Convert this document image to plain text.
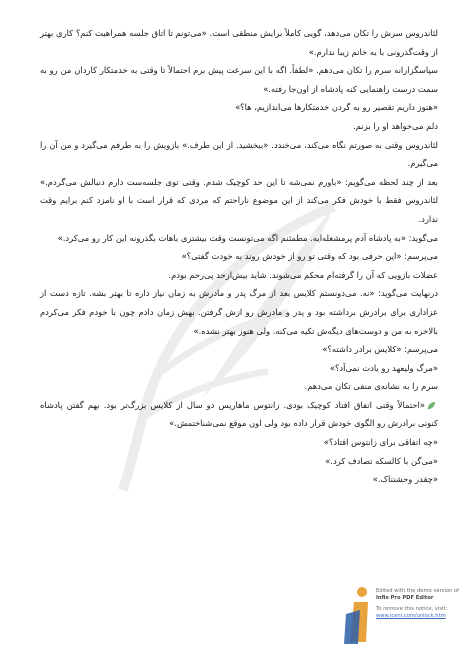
لئاندروس سرش را تکان می‌دهد، گویی کاملاً برایش منطقی است. «می‌تونم تا اتاق جلسه همراهیت کنم؟ کاری بهتر از وقت‌گذرونی با یه خانم زیبا ندارم.»

سپاسگزارانه سرم را تکان می‌دهم. «لطفاً. اگه با این سرعت پیش برم احتمالاً تا وقتی به خدمتکار کاردان من رو به سمت درست راهنمایی کنه پادشاه از اون‌جا رفته.»

«هنوز داریم تقصیر رو به گردن خدمتکارها می‌اندازیم، ها؟»

دلم می‌خواهد او را بزنم.

لئاندروس وقتی به صورتم نگاه می‌کند، می‌خندد. «ببخشید. از این طرف.» بازویش را به طرفم می‌گیرد و من آن را می‌گیرم.

بعد از چند لحظه می‌گویم: «باورم نمی‌شه تا این حد کوچیک شدم. وقتی توی جلسه‌ست دارم دنبالش می‌گردم.» لئاندروس فقط با خودش فکر می‌کند از این موضوع ناراحتم که مردی که قرار است با او نامزد کنم برایم وقت ندارد.

می‌گوید: «به پادشاه آدم پرمشغله‌ایه. مطمئنم اگه می‌تونست وقت بیشتری باهات بگذرونه این کار رو می‌کرد.»

می‌پرسم: «این حرفی بود که وقتی تو رو از خودش روند به خودت گفتی؟»

عضلات بازویی که آن را گرفته‌ام محکم می‌شوند. شاید بیش‌ازحد پی‌رحم بودم.

درنهایت می‌گوید: «نه. می‌دونستم کلایس بعد از مرگ پدر و مادرش به زمان نیاز داره تا بهتر بشه. تازه دست از عزاداری برای برادرش برداشته بود و پدر و مادرش رو ازش گرفتن. بهش زمان دادم چون با خودم فکر می‌کردم بالاخره به من و دوست‌های دیگه‌ش تکیه می‌کنه. ولی هنوز بهتر نشده.»

می‌پرسم: «کلایس برادر داشته؟»

«مرگ ولیعهد رو یادت نمی‌آد؟»

سرم را به نشانه‌ی منفی تکان می‌دهم.

«احتمالاً وقتی اتفاق افتاد کوچیک بودی. زانتوس ماهاریس دو سال از کلایس بزرگ‌تر بود. بهم گفتن پادشاه کنونی برادرش رو الگوی خودش قرار داده بود ولی اون موقع نمی‌شناختمش.»

«چه اتفاقی برای زانتوس افتاد؟»

«می‌گن با کالسکه تصادف کرد.»

«چقدر وحشتناک.»

Edited with the demo version of
Infix Pro PDF Editor
To remove this notice, visit:
www.iceni.com/unlock.htm
